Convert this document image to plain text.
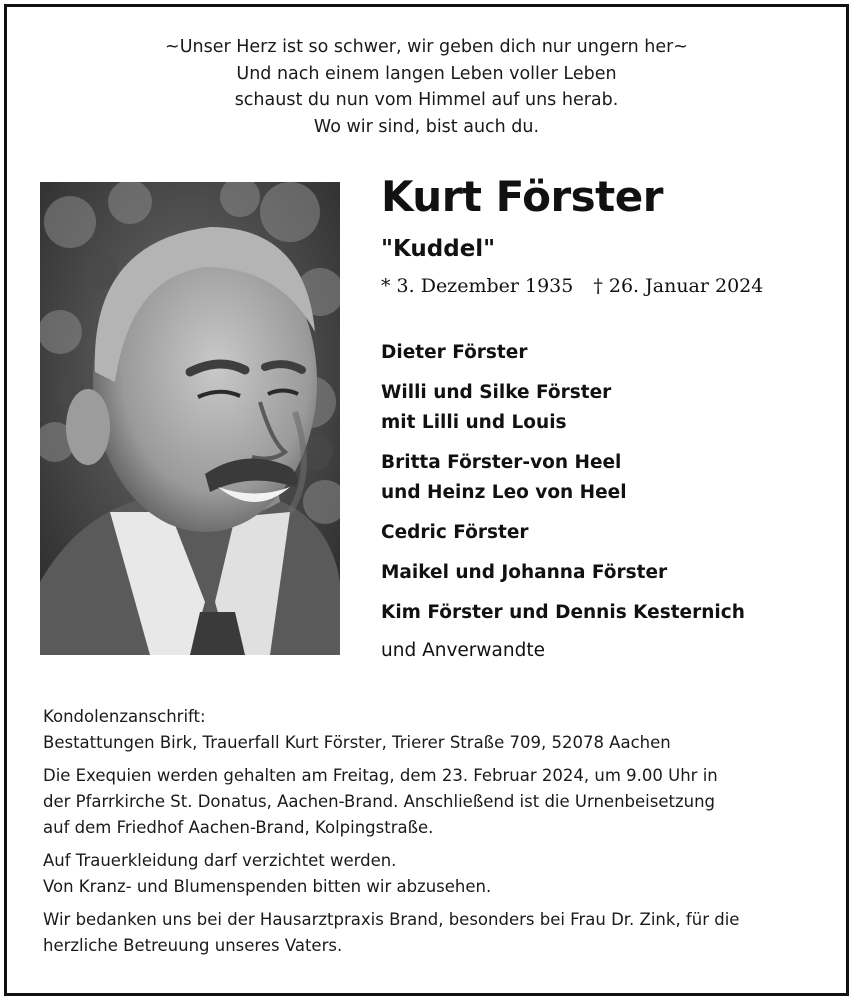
~Unser Herz ist so schwer, wir geben dich nur ungern her~
Und nach einem langen Leben voller Leben
schaust du nun vom Himmel auf uns herab.
Wo wir sind, bist auch du.
Kurt Förster
"Kuddel"
* 3. Dezember 1935 † 26. Januar 2024
Dieter Förster
Willi und Silke Förster
mit Lilli und Louis
Britta Förster-von Heel
und Heinz Leo von Heel
Cedric Förster
Maikel und Johanna Förster
Kim Förster und Dennis Kesternich
und Anverwandte

Kondolenzanschrift:
Bestattungen Birk, Trauerfall Kurt Förster, Trierer Straße 709, 52078 Aachen

Die Exequien werden gehalten am Freitag, dem 23. Februar 2024, um 9.00 Uhr in
der Pfarrkirche St. Donatus, Aachen-Brand. Anschließend ist die Urnenbeisetzung
auf dem Friedhof Aachen-Brand, Kolpingstraße.

Auf Trauerkleidung darf verzichtet werden.
Von Kranz- und Blumenspenden bitten wir abzusehen.

Wir bedanken uns bei der Hausarztpraxis Brand, besonders bei Frau Dr. Zink, für die
herzliche Betreuung unseres Vaters.
